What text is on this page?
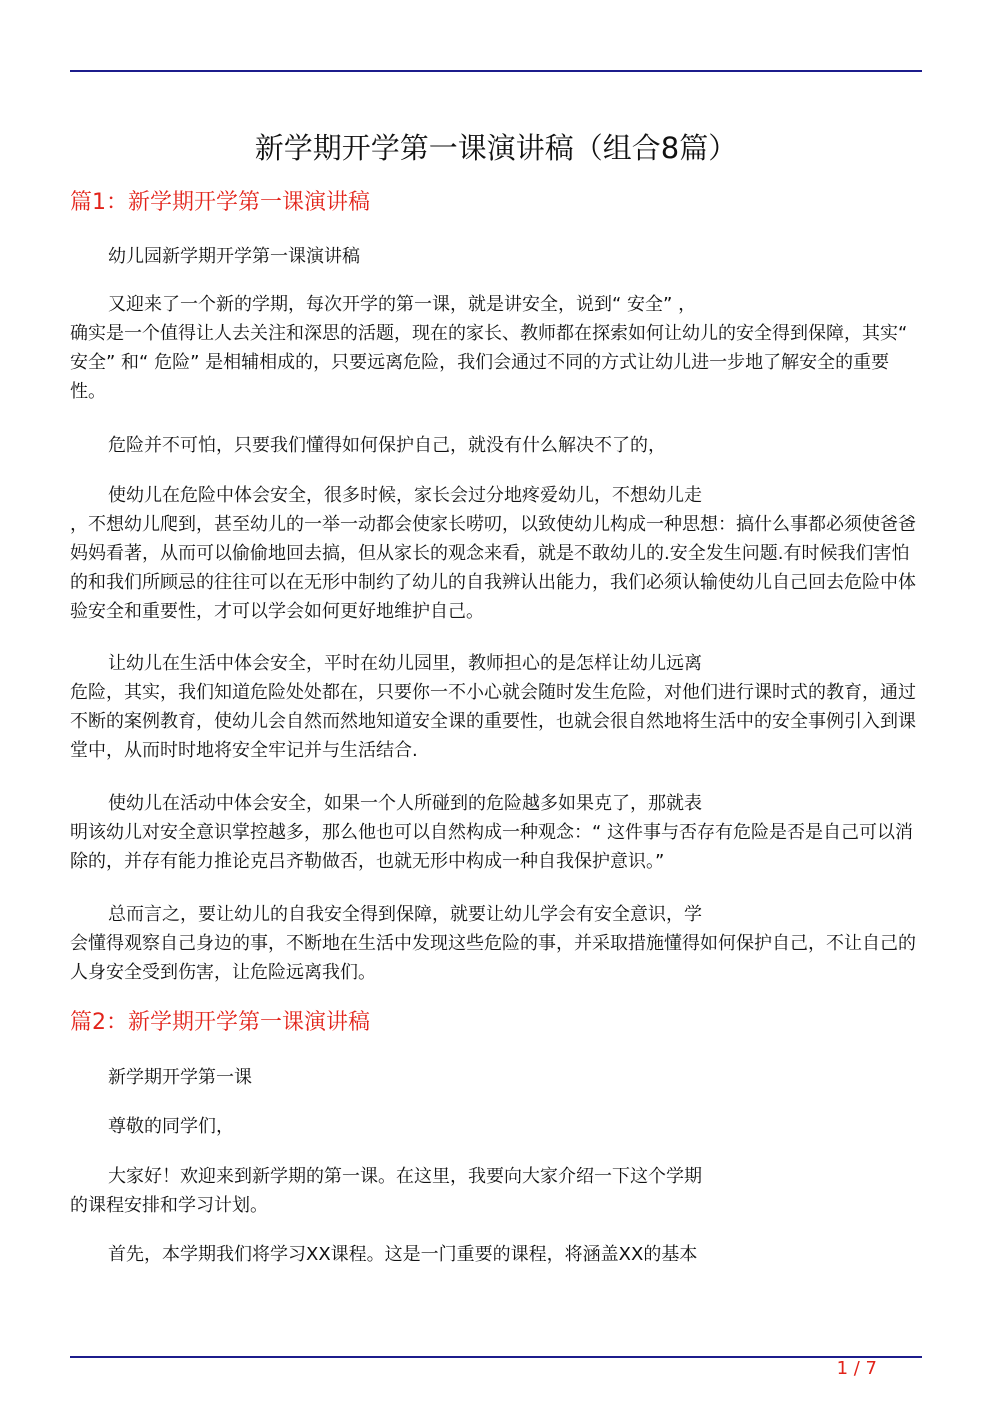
新学期开学第一课演讲稿（组合8篇）
篇1：新学期开学第一课演讲稿

幼儿园新学期开学第一课演讲稿

又迎来了一个新的学期，每次开学的第一课，就是讲安全，说到“ 安全” ，

确实是一个值得让人去关注和深思的活题，现在的家长、教师都在探索如何让幼儿的安全得到保障，其实“ 安全” 和“ 危险” 是相辅相成的，只要远离危险，我们会通过不同的方式让幼儿进一步地了解安全的重要性。

危险并不可怕，只要我们懂得如何保护自己，就没有什么解决不了的，

使幼儿在危险中体会安全，很多时候，家长会过分地疼爱幼儿，不想幼儿走

，不想幼儿爬到，甚至幼儿的一举一动都会使家长唠叨，以致使幼儿构成一种思想：搞什么事都必须使爸爸妈妈看著，从而可以偷偷地回去搞，但从家长的观念来看，就是不敢幼儿的.安全发生问题.有时候我们害怕的和我们所顾忌的往往可以在无形中制约了幼儿的自我辨认出能力，我们必须认输使幼儿自己回去危险中体验安全和重要性，才可以学会如何更好地维护自己。

让幼儿在生活中体会安全，平时在幼儿园里，教师担心的是怎样让幼儿远离

危险，其实，我们知道危险处处都在，只要你一不小心就会随时发生危险，对他们进行课时式的教育，通过不断的案例教育，使幼儿会自然而然地知道安全课的重要性，也就会很自然地将生活中的安全事例引入到课堂中，从而时时地将安全牢记并与生活结合.

使幼儿在活动中体会安全，如果一个人所碰到的危险越多如果克了，那就表

明该幼儿对安全意识掌控越多，那么他也可以自然构成一种观念：“ 这件事与否存有危险是否是自己可以消除的，并存有能力推论克吕齐勒做否，也就无形中构成一种自我保护意识。”

总而言之，要让幼儿的自我安全得到保障，就要让幼儿学会有安全意识，学

会懂得观察自己身边的事，不断地在生活中发现这些危险的事，并采取措施懂得如何保护自己，不让自己的人身安全受到伤害，让危险远离我们。

篇2：新学期开学第一课演讲稿

新学期开学第一课

尊敬的同学们，

大家好！欢迎来到新学期的第一课。在这里，我要向大家介绍一下这个学期

的课程安排和学习计划。

首先，本学期我们将学习XX课程。这是一门重要的课程，将涵盖XX的基本

1 / 7
